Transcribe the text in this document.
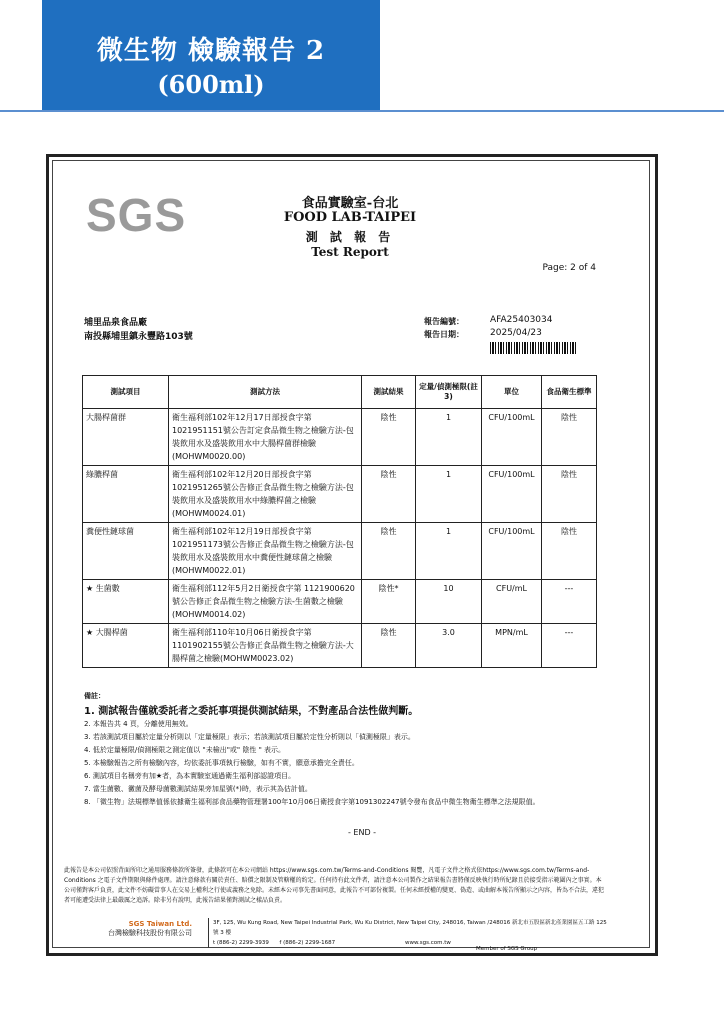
微生物 檢驗報告 2
(600ml)
SGS	食品實驗室-台北
FOOD LAB-TAIPEI
測 試 報 告
Test Report
Page: 2 of 4
埔里品泉食品廠
南投縣埔里鎮永豐路103號
報告編號：	AFA25403034
報告日期：	2025/04/23
測試項目	測試方法	測試結果	定量/偵測極限(註3)	單位	食品衛生標準
大腸桿菌群	衛生福利部102年12月17日部授食字第1021951151號公告訂定食品微生物之檢驗方法-包裝飲用水及盛裝飲用水中大腸桿菌群檢驗(MOHWM0020.00)	陰性	1	CFU/100mL	陰性
綠膿桿菌	衛生福利部102年12月20日部授食字第1021951265號公告修正食品微生物之檢驗方法-包裝飲用水及盛裝飲用水中綠膿桿菌之檢驗(MOHWM0024.01)	陰性	1	CFU/100mL	陰性
糞便性鏈球菌	衛生福利部102年12月19日部授食字第1021951173號公告修正食品微生物之檢驗方法-包裝飲用水及盛裝飲用水中糞便性鏈球菌之檢驗(MOHWM0022.01)	陰性	1	CFU/100mL	陰性
★ 生菌數	衛生福利部112年5月2日衛授食字第 1121900620號公告修正食品微生物之檢驗方法-生菌數之檢驗(MOHWM0014.02)	陰性*	10	CFU/mL	---
★ 大腸桿菌	衛生福利部110年10月06日衛授食字第1101902155號公告修正食品微生物之檢驗方法-大腸桿菌之檢驗(MOHWM0023.02)	陰性	3.0	MPN/mL	---
備註：
1. 測試報告僅就委託者之委託事項提供測試結果，不對產品合法性做判斷。
2. 本報告共 4 頁，分離使用無效。
3. 若該測試項目屬於定量分析則以「定量極限」表示；若該測試項目屬於定性分析則以「偵測極限」表示。
4. 低於定量極限/偵測極限之測定值以 "未檢出"或" 陰性 " 表示。
5. 本檢驗報告之所有檢驗內容，均依委託事項執行檢驗，如有不實，願意承擔完全責任。
6. 測試項目名稱旁有加★者，為本實驗室通過衛生福利部認證項目。
7. 當生菌數、黴菌及酵母菌數測試結果旁加星號(*)時，表示其為估計值。
8. 「微生物」法規標準值係依據衛生福利部食品藥物管理署100年10月06日衛授食字第1091302247號令發布食品中微生物衛生標準之法規限值。
- END -
此報告是本公司依照背面所印之通用服務條款所簽發，此條款可在本公司網站 https://www.sgs.com.tw/Terms-and-Conditions 閱覽，凡電子文件之格式依https://www.sgs.com.tw/Terms-and-Conditions 之電子文件期限與條件處理。請注意條款有關於責任、賠償之限制及管轄權的約定。任何持有此文件者，請注意本公司製作之結果報告書將僅反映執行時所紀錄且於接受指示範圍內之事實。本公司僅對客戶負責，此文件不妨礙當事人在交易上權利之行使或義務之免除。未經本公司事先書面同意，此報告不可部份複製。任何未經授權的變更、偽造、或曲解本報告所顯示之內容，皆為不合法，違犯者可能遭受法律上最嚴厲之追訴。除非另有說明，此報告結果僅對測試之樣品負責。
SGS Taiwan Ltd.
台灣檢驗科技股份有限公司
3F, 125, Wu Kung Road, New Taipei Industrial Park, Wu Ku District, New Taipei City, 248016, Taiwan /248016 新北市五股區新北產業園區五工路 125 號 3 樓
t (886-2) 2299-3939 f (886-2) 2299-1687	www.sgs.com.tw
Member of SGS Group
